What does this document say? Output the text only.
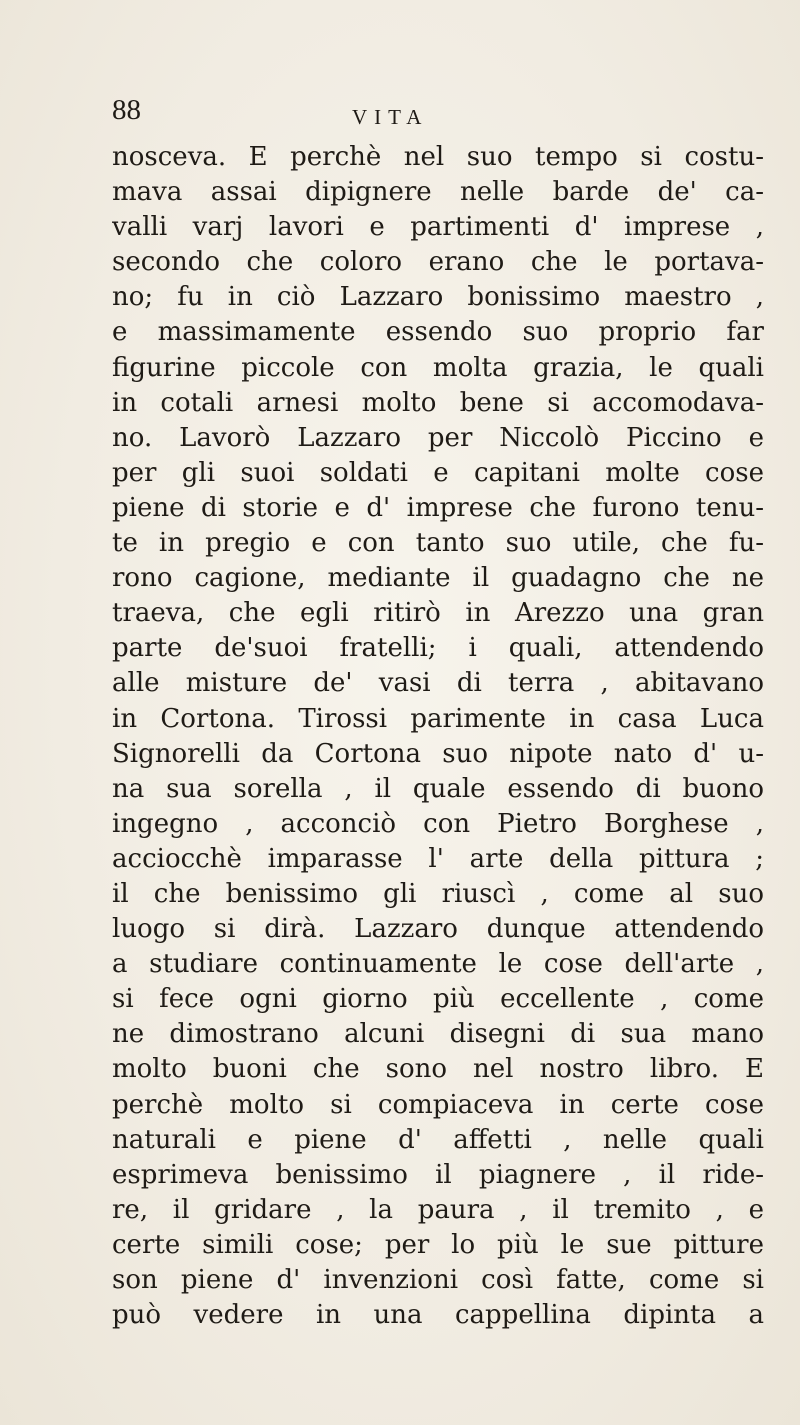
88	VITA
nosceva. E perchè nel suo tempo si costu-
mava assai dipignere nelle barde de' ca-
valli varj lavori e partimenti d' imprese ,
secondo che coloro erano che le portava-
no; fu in ciò Lazzaro bonissimo maestro ,
e massimamente essendo suo proprio far
figurine piccole con molta grazia, le quali
in cotali arnesi molto bene si accomodava-
no. Lavorò Lazzaro per Niccolò Piccino e
per gli suoi soldati e capitani molte cose
piene di storie e d' imprese che furono tenu-
te in pregio e con tanto suo utile, che fu-
rono cagione, mediante il guadagno che ne
traeva, che egli ritirò in Arezzo una gran
parte de'suoi fratelli; i quali, attendendo
alle misture de' vasi di terra , abitavano
in Cortona. Tirossi parimente in casa Luca
Signorelli da Cortona suo nipote nato d' u-
na sua sorella , il quale essendo di buono
ingegno , acconciò con Pietro Borghese ,
acciocchè imparasse l' arte della pittura ;
il che benissimo gli riuscì , come al suo
luogo si dirà. Lazzaro dunque attendendo
a studiare continuamente le cose dell'arte ,
si fece ogni giorno più eccellente , come
ne dimostrano alcuni disegni di sua mano
molto buoni che sono nel nostro libro. E
perchè molto si compiaceva in certe cose
naturali e piene d' affetti , nelle quali
esprimeva benissimo il piagnere , il ride-
re, il gridare , la paura , il tremito , e
certe simili cose; per lo più le sue pitture
son piene d' invenzioni così fatte, come si
può vedere in una cappellina dipinta a
